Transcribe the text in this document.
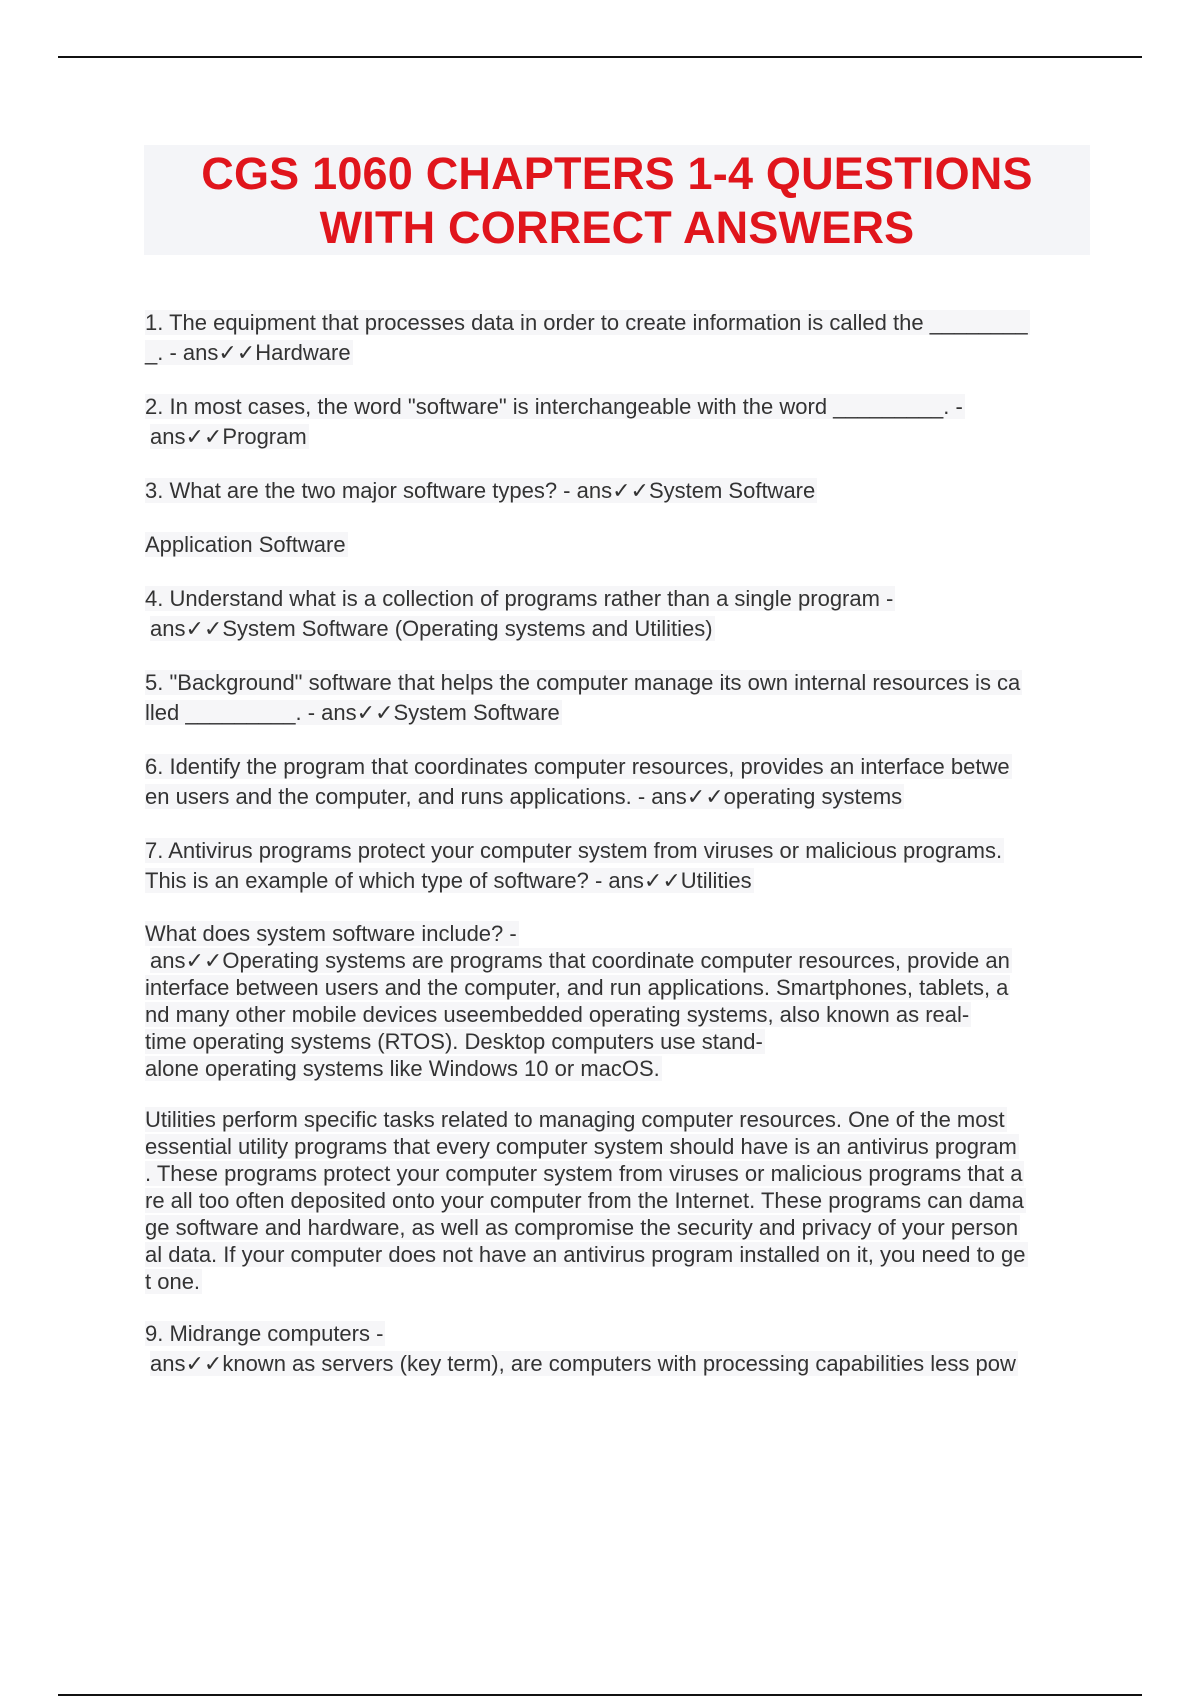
CGS 1060 CHAPTERS 1-4 QUESTIONS
WITH CORRECT ANSWERS
1. The equipment that processes data in order to create information is called the ________
_. - ans✓✓Hardware
2. In most cases, the word "software" is interchangeable with the word _________. -
ans✓✓Program
3. What are the two major software types? - ans✓✓System Software
Application Software
4. Understand what is a collection of programs rather than a single program -
ans✓✓System Software (Operating systems and Utilities)
5. "Background" software that helps the computer manage its own internal resources is ca
lled _________. - ans✓✓System Software
6. Identify the program that coordinates computer resources, provides an interface betwe
en users and the computer, and runs applications. - ans✓✓operating systems
7. Antivirus programs protect your computer system from viruses or malicious programs.
This is an example of which type of software? - ans✓✓Utilities
What does system software include? -
ans✓✓Operating systems are programs that coordinate computer resources, provide an
interface between users and the computer, and run applications. Smartphones, tablets, a
nd many other mobile devices useembedded operating systems, also known as real-
time operating systems (RTOS). Desktop computers use stand-
alone operating systems like Windows 10 or macOS.
Utilities perform specific tasks related to managing computer resources. One of the most
essential utility programs that every computer system should have is an antivirus program
. These programs protect your computer system from viruses or malicious programs that a
re all too often deposited onto your computer from the Internet. These programs can dama
ge software and hardware, as well as compromise the security and privacy of your person
al data. If your computer does not have an antivirus program installed on it, you need to ge
t one.
9. Midrange computers -
ans✓✓known as servers (key term), are computers with processing capabilities less pow
